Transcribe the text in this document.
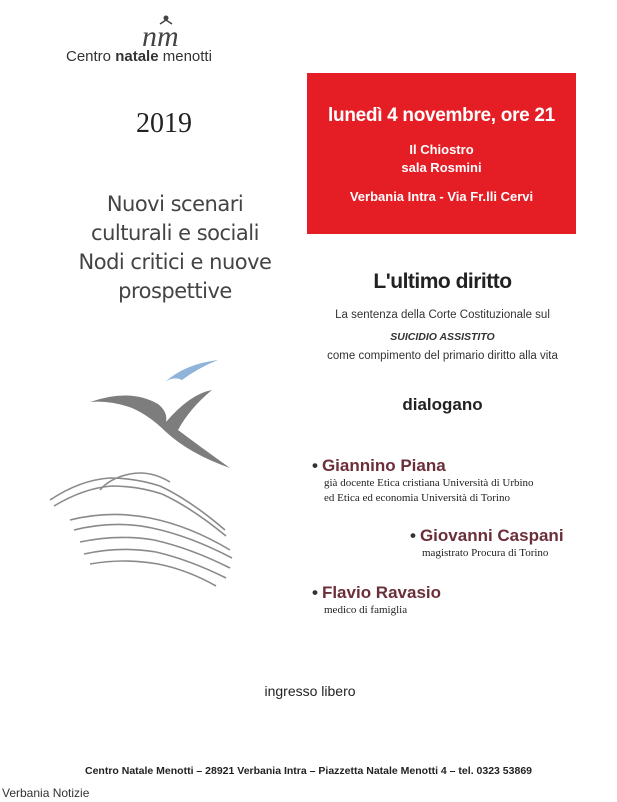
nm
Centro natale menotti
2019
Nuovi scenari
culturali e sociali
Nodi critici e nuove
prospettive
lunedì 4 novembre, ore 21
Il Chiostro
sala Rosmini
Verbania Intra - Via Fr.lli Cervi
L'ultimo diritto
La sentenza della Corte Costituzionale sul
SUICIDIO ASSISTITO
come compimento del primario diritto alla vita
dialogano
• Giannino Piana
già docente Etica cristiana Università di Urbino
ed Etica ed economia Università di Torino
• Giovanni Caspani
magistrato Procura di Torino
• Flavio Ravasio
medico di famiglia
ingresso libero
Centro Natale Menotti – 28921 Verbania Intra – Piazzetta Natale Menotti 4 – tel. 0323 53869
Verbania Notizie
